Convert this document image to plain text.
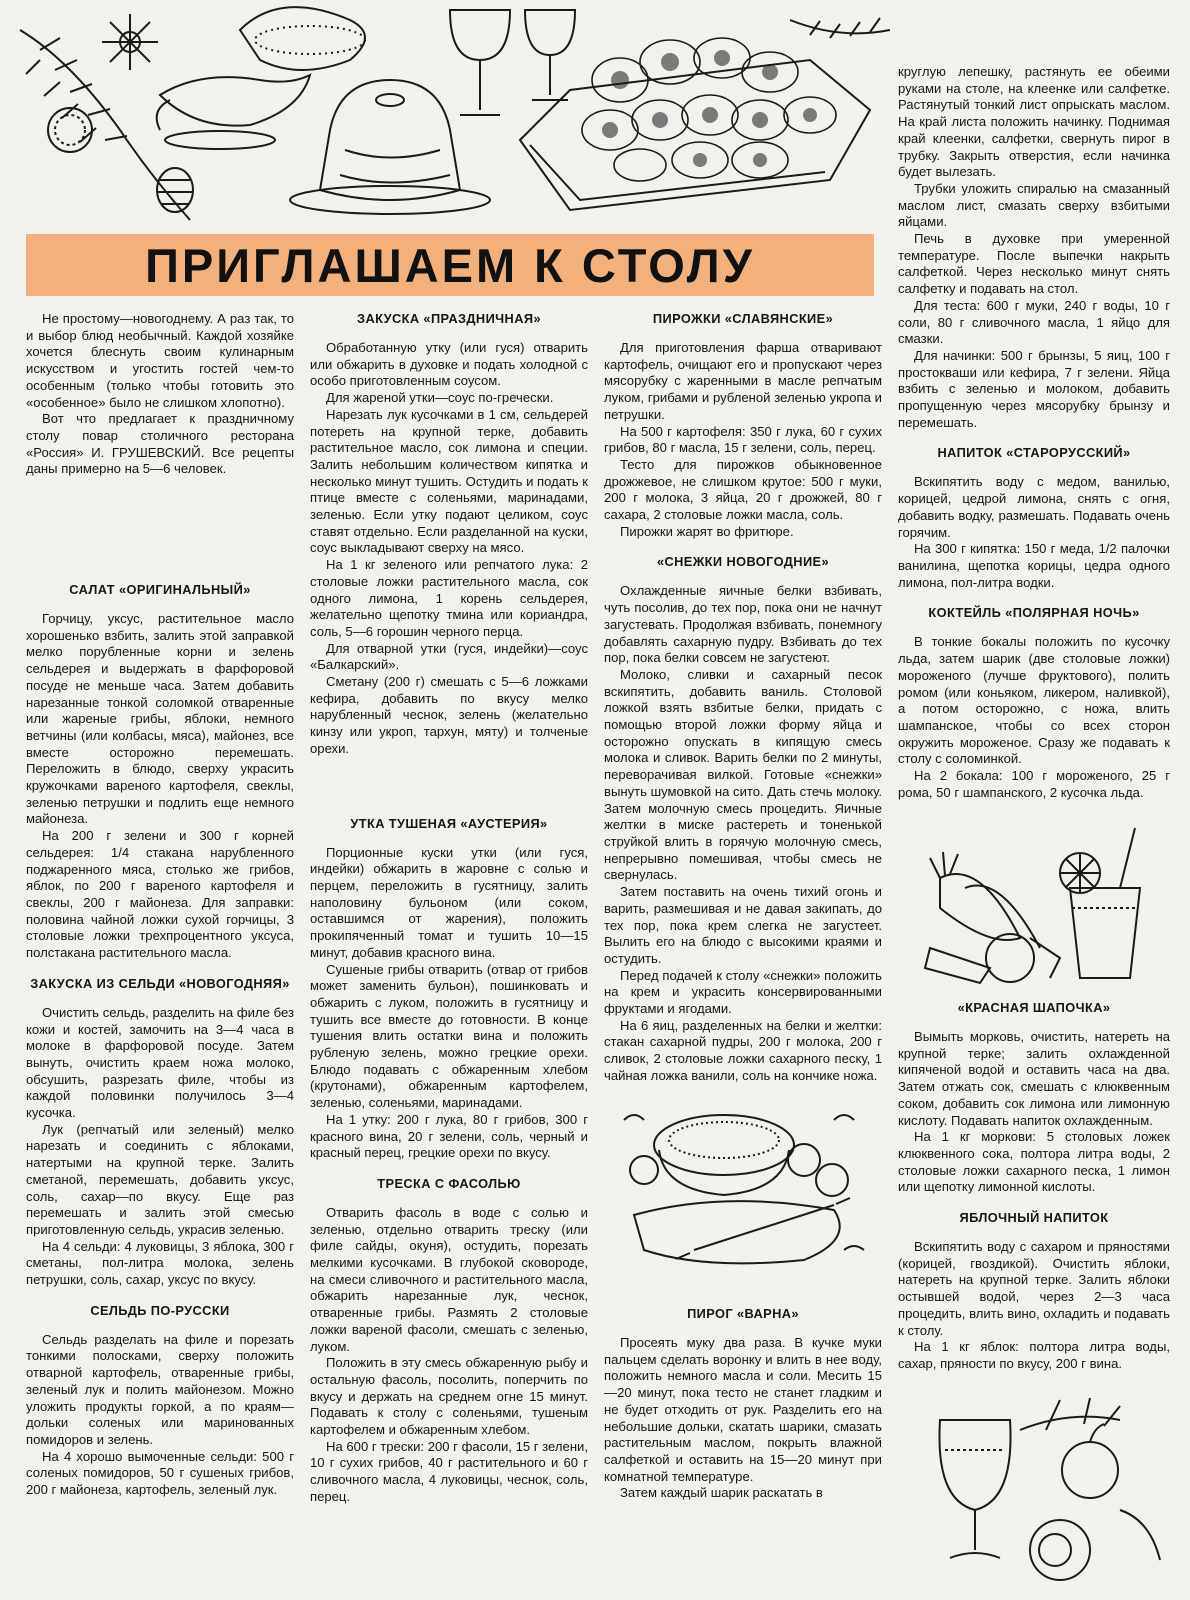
ПРИГЛАШАЕМ К СТОЛУ

Не простому—новогоднему. А раз так, то и выбор блюд необычный. Каждой хозяйке хочется блеснуть своим кулинарным искусством и угостить гостей чем-то особенным (только чтобы готовить это «особенное» было не слишком хлопотно).

Вот что предлагает к праздничному столу повар столичного ресторана «Россия» И. ГРУШЕВСКИЙ. Все рецепты даны примерно на 5—6 человек.

САЛАТ «ОРИГИНАЛЬНЫЙ»

Горчицу, уксус, растительное масло хорошенько взбить, залить этой заправкой мелко порубленные корни и зелень сельдерея и выдержать в фарфоровой посуде не меньше часа. Затем добавить нарезанные тонкой соломкой отваренные или жареные грибы, яблоки, немного ветчины (или колбасы, мяса), майонез, все вместе осторожно перемешать. Переложить в блюдо, сверху украсить кружочками вареного картофеля, свеклы, зеленью петрушки и подлить еще немного майонеза.

На 200 г зелени и 300 г корней сельдерея: 1/4 стакана нарубленного поджаренного мяса, столько же грибов, яблок, по 200 г вареного картофеля и свеклы, 200 г майонеза. Для заправки: половина чайной ложки сухой горчицы, 3 столовые ложки трехпроцентного уксуса, полстакана растительного масла.

ЗАКУСКА ИЗ СЕЛЬДИ «НОВОГОДНЯЯ»

Очистить сельдь, разделить на филе без кожи и костей, замочить на 3—4 часа в молоке в фарфоровой посуде. Затем вынуть, очистить краем ножа молоко, обсушить, разрезать филе, чтобы из каждой половинки получилось 3—4 кусочка.

Лук (репчатый или зеленый) мелко нарезать и соединить с яблоками, натертыми на крупной терке. Залить сметаной, перемешать, добавить уксус, соль, сахар—по вкусу. Еще раз перемешать и залить этой смесью приготовленную сельдь, украсив зеленью.

На 4 сельди: 4 луковицы, 3 яблока, 300 г сметаны, пол-литра молока, зелень петрушки, соль, сахар, уксус по вкусу.

СЕЛЬДЬ ПО-РУССКИ

Сельдь разделать на филе и порезать тонкими полосками, сверху положить отварной картофель, отваренные грибы, зеленый лук и полить майонезом. Можно уложить продукты горкой, а по краям—дольки соленых или маринованных помидоров и зелень.

На 4 хорошо вымоченные сельди: 500 г соленых помидоров, 50 г сушеных грибов, 200 г майонеза, картофель, зеленый лук.

ЗАКУСКА «ПРАЗДНИЧНАЯ»

Обработанную утку (или гуся) отварить или обжарить в духовке и подать холодной с особо приготовленным соусом.

Для жареной утки—соус по-гречески.

Нарезать лук кусочками в 1 см, сельдерей потереть на крупной терке, добавить растительное масло, сок лимона и специи. Залить небольшим количеством кипятка и несколько минут тушить. Остудить и подать к птице вместе с соленьями, маринадами, зеленью. Если утку подают целиком, соус ставят отдельно. Если разделанной на куски, соус выкладывают сверху на мясо.

На 1 кг зеленого или репчатого лука: 2 столовые ложки растительного масла, сок одного лимона, 1 корень сельдерея, желательно щепотку тмина или кориандра, соль, 5—6 горошин черного перца.

Для отварной утки (гуся, индейки)—соус «Балкарский».

Сметану (200 г) смешать с 5—6 ложками кефира, добавить по вкусу мелко нарубленный чеснок, зелень (желательно кинзу или укроп, тархун, мяту) и толченые орехи.

УТКА ТУШЕНАЯ «АУСТЕРИЯ»

Порционные куски утки (или гуся, индейки) обжарить в жаровне с солью и перцем, переложить в гусятницу, залить наполовину бульоном (или соком, оставшимся от жарения), положить прокипяченный томат и тушить 10—15 минут, добавив красного вина.

Сушеные грибы отварить (отвар от грибов может заменить бульон), пошинковать и обжарить с луком, положить в гусятницу и тушить все вместе до готовности. В конце тушения влить остатки вина и положить рубленую зелень, можно грецкие орехи. Блюдо подавать с обжаренным хлебом (крутонами), обжаренным картофелем, зеленью, соленьями, маринадами.

На 1 утку: 200 г лука, 80 г грибов, 300 г красного вина, 20 г зелени, соль, черный и красный перец, грецкие орехи по вкусу.

ТРЕСКА С ФАСОЛЬЮ

Отварить фасоль в воде с солью и зеленью, отдельно отварить треску (или филе сайды, окуня), остудить, порезать мелкими кусочками. В глубокой сковороде, на смеси сливочного и растительного масла, обжарить нарезанные лук, чеснок, отваренные грибы. Размять 2 столовые ложки вареной фасоли, смешать с зеленью, луком.

Положить в эту смесь обжаренную рыбу и остальную фасоль, посолить, поперчить по вкусу и держать на среднем огне 15 минут. Подавать к столу с соленьями, тушеным картофелем и обжаренным хлебом.

На 600 г трески: 200 г фасоли, 15 г зелени, 10 г сухих грибов, 40 г растительного и 60 г сливочного масла, 4 луковицы, чеснок, соль, перец.

ПИРОЖКИ «СЛАВЯНСКИЕ»

Для приготовления фарша отваривают картофель, очищают его и пропускают через мясорубку с жаренными в масле репчатым луком, грибами и рубленой зеленью укропа и петрушки.

На 500 г картофеля: 350 г лука, 60 г сухих грибов, 80 г масла, 15 г зелени, соль, перец.

Тесто для пирожков обыкновенное дрожжевое, не слишком крутое: 500 г муки, 200 г молока, 3 яйца, 20 г дрожжей, 80 г сахара, 2 столовые ложки масла, соль.

Пирожки жарят во фритюре.

«СНЕЖКИ НОВОГОДНИЕ»

Охлажденные яичные белки взбивать, чуть посолив, до тех пор, пока они не начнут загустевать. Продолжая взбивать, понемногу добавлять сахарную пудру. Взбивать до тех пор, пока белки совсем не загустеют.

Молоко, сливки и сахарный песок вскипятить, добавить ваниль. Столовой ложкой взять взбитые белки, придать с помощью второй ложки форму яйца и осторожно опускать в кипящую смесь молока и сливок. Варить белки по 2 минуты, переворачивая вилкой. Готовые «снежки» вынуть шумовкой на сито. Дать стечь молоку. Затем молочную смесь процедить. Яичные желтки в миске растереть и тоненькой струйкой влить в горячую молочную смесь, непрерывно помешивая, чтобы смесь не свернулась.

Затем поставить на очень тихий огонь и варить, размешивая и не давая закипать, до тех пор, пока крем слегка не загустеет. Вылить его на блюдо с высокими краями и остудить.

Перед подачей к столу «снежки» положить на крем и украсить консервированными фруктами и ягодами.

На 6 яиц, разделенных на белки и желтки: стакан сахарной пудры, 200 г молока, 200 г сливок, 2 столовые ложки сахарного песку, 1 чайная ложка ванили, соль на кончике ножа.

ПИРОГ «ВАРНА»

Просеять муку два раза. В кучке муки пальцем сделать воронку и влить в нее воду, положить немного масла и соли. Месить 15—20 минут, пока тесто не станет гладким и не будет отходить от рук. Разделить его на небольшие дольки, скатать шарики, смазать растительным маслом, покрыть влажной салфеткой и оставить на 15—20 минут при комнатной температуре.

Затем каждый шарик раскатать в

круглую лепешку, растянуть ее обеими руками на столе, на клеенке или салфетке. Растянутый тонкий лист опрыскать маслом. На край листа положить начинку. Поднимая край клеенки, салфетки, свернуть пирог в трубку. Закрыть отверстия, если начинка будет вылезать.

Трубки уложить спиралью на смазанный маслом лист, смазать сверху взбитыми яйцами.

Печь в духовке при умеренной температуре. После выпечки накрыть салфеткой. Через несколько минут снять салфетку и подавать на стол.

Для теста: 600 г муки, 240 г воды, 10 г соли, 80 г сливочного масла, 1 яйцо для смазки.

Для начинки: 500 г брынзы, 5 яиц, 100 г простокваши или кефира, 7 г зелени. Яйца взбить с зеленью и молоком, добавить пропущенную через мясорубку брынзу и перемешать.

НАПИТОК «СТАРОРУССКИЙ»

Вскипятить воду с медом, ванилью, корицей, цедрой лимона, снять с огня, добавить водку, размешать. Подавать очень горячим.

На 300 г кипятка: 150 г меда, 1/2 палочки ванилина, щепотка корицы, цедра одного лимона, пол-литра водки.

КОКТЕЙЛЬ «ПОЛЯРНАЯ НОЧЬ»

В тонкие бокалы положить по кусочку льда, затем шарик (две столовые ложки) мороженого (лучше фруктового), полить ромом (или коньяком, ликером, наливкой), а потом осторожно, с ножа, влить шампанское, чтобы со всех сторон окружить мороженое. Сразу же подавать к столу с соломинкой.

На 2 бокала: 100 г мороженого, 25 г рома, 50 г шампанского, 2 кусочка льда.

«КРАСНАЯ ШАПОЧКА»

Вымыть морковь, очистить, натереть на крупной терке; залить охлажденной кипяченой водой и оставить часа на два. Затем отжать сок, смешать с клюквенным соком, добавить сок лимона или лимонную кислоту. Подавать напиток охлажденным.

На 1 кг моркови: 5 столовых ложек клюквенного сока, полтора литра воды, 2 столовые ложки сахарного песка, 1 лимон или щепотку лимонной кислоты.

ЯБЛОЧНЫЙ НАПИТОК

Вскипятить воду с сахаром и пряностями (корицей, гвоздикой). Очистить яблоки, натереть на крупной терке. Залить яблоки остывшей водой, через 2—3 часа процедить, влить вино, охладить и подавать к столу.

На 1 кг яблок: полтора литра воды, сахар, пряности по вкусу, 200 г вина.
